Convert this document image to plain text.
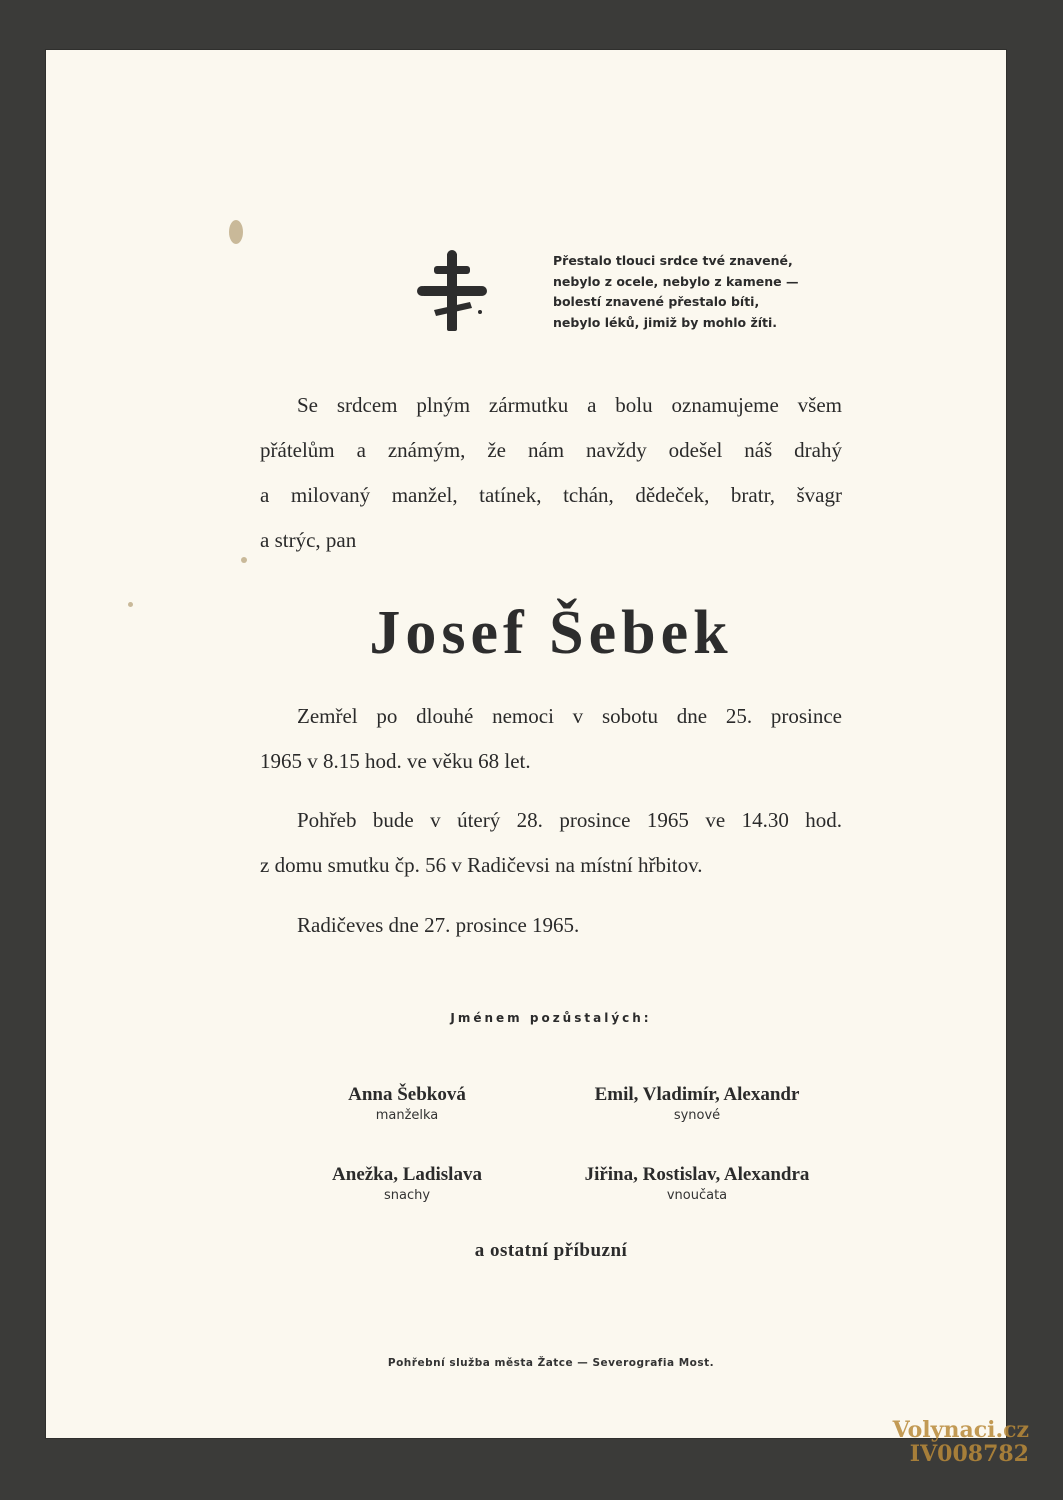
Přestalo tlouci srdce tvé znavené,
nebylo z ocele, nebylo z kamene —
bolestí znavené přestalo bíti,
nebylo léků, jimiž by mohlo žíti.
Se srdcem plným zármutku a bolu oznamujeme všem
přátelům a známým, že nám navždy odešel náš drahý
a milovaný manžel, tatínek, tchán, dědeček, bratr, švagr
a strýc, pan
Josef Šebek
Zemřel po dlouhé nemoci v sobotu dne 25. prosince
1965 v 8.15 hod. ve věku 68 let.
Pohřeb bude v úterý 28. prosince 1965 ve 14.30 hod.
z domu smutku čp. 56 v Radičevsi na místní hřbitov.
Radičeves dne 27. prosince 1965.
Jménem pozůstalých:
Anna Šebková
manželka
Emil, Vladimír, Alexandr
synové
Anežka, Ladislava
snachy
Jiřina, Rostislav, Alexandra
vnoučata
a ostatní příbuzní
Pohřební služba města Žatce — Severografia Most.
Volynaci.cz
IV008782
